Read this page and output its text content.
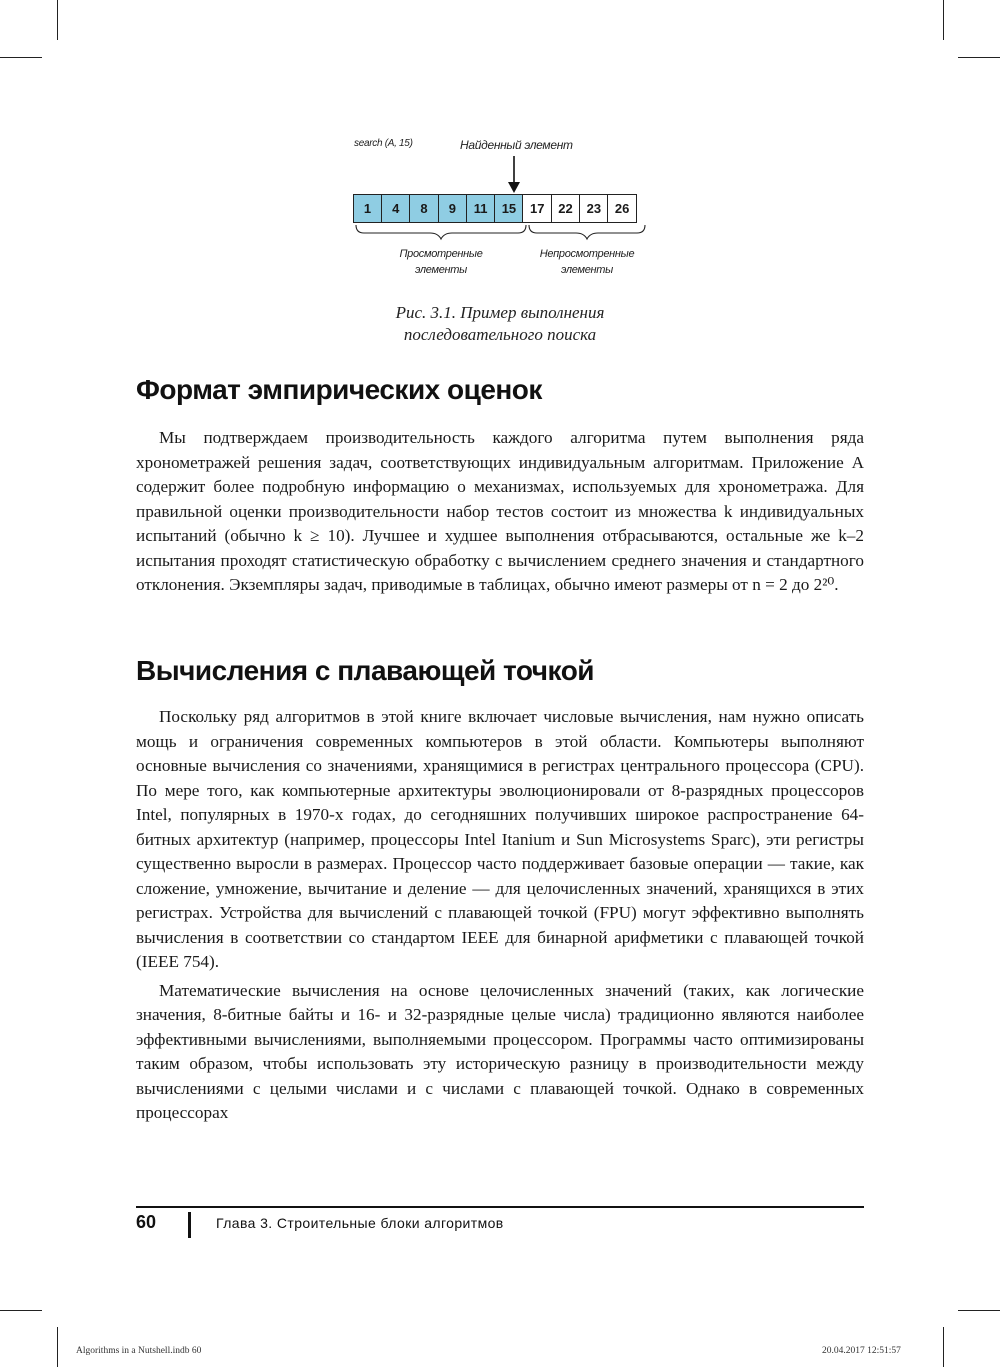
search (A, 15)	Найденный элемент
1	4	8	9	11	15	17	22	23	26
Просмотренные
элементы
Непросмотренные
элементы
Рис. 3.1. Пример выполнения
последовательного поиска
Формат эмпирических оценок

Мы подтверждаем производительность каждого алгоритма путем выполнения ряда хронометражей решения задач, соответствующих индивидуальным алгоритмам. Приложение А содержит более подробную информацию о механизмах, используемых для хронометража. Для правильной оценки производительности набор тестов состоит из множества k индивидуальных испытаний (обычно k ≥ 10). Лучшее и худшее выполнения отбрасываются, остальные же k–2 испытания проходят статистическую обработку с вычислением среднего значения и стандартного отклонения. Экземпляры задач, приводимые в таблицах, обычно имеют размеры от n = 2 до 2²⁰.

Вычисления с плавающей точкой

Поскольку ряд алгоритмов в этой книге включает числовые вычисления, нам нужно описать мощь и ограничения современных компьютеров в этой области. Компьютеры выполняют основные вычисления со значениями, хранящимися в регистрах центрального процессора (CPU). По мере того, как компьютерные архитектуры эволюционировали от 8-разрядных процессоров Intel, популярных в 1970-х годах, до сегодняшних получивших широкое распространение 64-битных архитектур (например, процессоры Intel Itanium и Sun Microsystems Sparc), эти регистры существенно выросли в размерах. Процессор часто поддерживает базовые операции — такие, как сложение, умножение, вычитание и деление — для целочисленных значений, хранящихся в этих регистрах. Устройства для вычислений с плавающей точкой (FPU) могут эффективно выполнять вычисления в соответствии со стандартом IEEE для бинарной арифметики с плавающей точкой (IEEE 754).

Математические вычисления на основе целочисленных значений (таких, как логические значения, 8-битные байты и 16- и 32-разрядные целые числа) традиционно являются наиболее эффективными вычислениями, выполняемыми процессором. Программы часто оптимизированы таким образом, чтобы использовать эту историческую разницу в производительности между вычислениями с целыми числами и с числами с плавающей точкой. Однако в современных процессорах

60	Глава 3. Строительные блоки алгоритмов
Algorithms in a Nutshell.indb 60	20.04.2017 12:51:57
